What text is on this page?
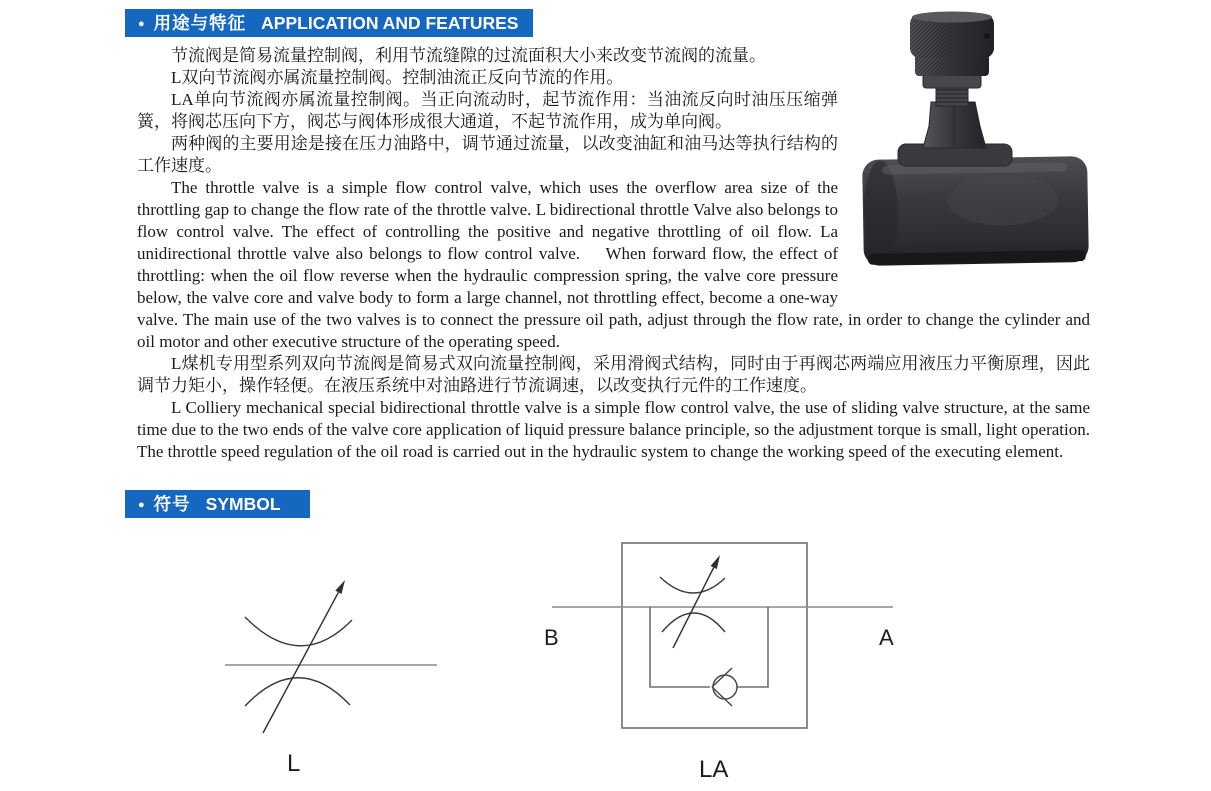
● 用途与特征 APPLICATION AND FEATURES

节流阀是简易流量控制阀，利用节流缝隙的过流面积大小来改变节流阀的流量。

L双向节流阀亦属流量控制阀。控制油流正反向节流的作用。

LA单向节流阀亦属流量控制阀。当正向流动时，起节流作用：当油流反向时油压压缩弹簧，将阀芯压向下方，阀芯与阀体形成很大通道，不起节流作用，成为单向阀。

两种阀的主要用途是接在压力油路中，调节通过流量，以改变油缸和油马达等执行结构的工作速度。

The throttle valve is a simple flow control valve, which uses the overflow area size of the throttling gap to change the flow rate of the throttle valve. L bidirectional throttle Valve also belongs to flow control valve. The effect of controlling the positive and negative throttling of oil flow. La unidirectional throttle valve also belongs to flow control valve.  When forward flow, the effect of throttling: when the oil flow reverse when the hydraulic compression spring, the valve core pressure below, the valve core and valve body to form a large channel, not throttling effect, become a one-way valve. The main use of the two valves is to connect the pressure oil path, adjust through the flow rate, in order to change the cylinder and oil motor and other executive structure of the operating speed.

L煤机专用型系列双向节流阀是简易式双向流量控制阀，采用滑阀式结构，同时由于再阀芯两端应用液压力平衡原理，因此调节力矩小，操作轻便。在液压系统中对油路进行节流调速，以改变执行元件的工作速度。

L Colliery mechanical special bidirectional throttle valve is a simple flow control valve, the use of sliding valve structure, at the same time due to the two ends of the valve core application of liquid pressure balance principle, so the adjustment torque is small, light operation. The throttle speed regulation of the oil road is carried out in the hydraulic system to change the working speed of the executing element.

● 符号 SYMBOL
L
B	A
LA
